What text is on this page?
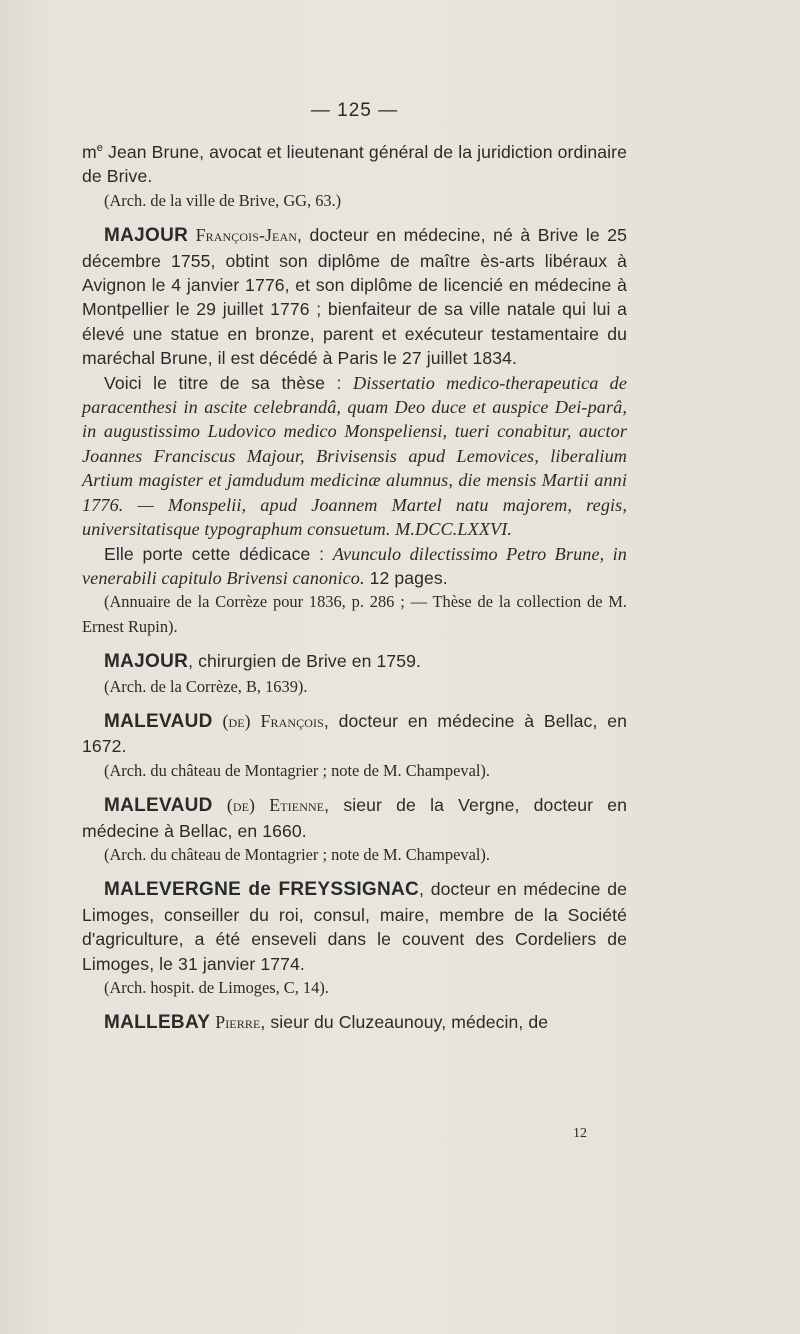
— 125 —

$m^e$ Jean Brune, avocat et lieutenant général de la juridiction ordinaire de Brive.

(Arch. de la ville de Brive, GG, 63.)

MAJOUR François-Jean, docteur en médecine, né à Brive le 25 décembre 1755, obtint son diplôme de maître ès-arts libéraux à Avignon le 4 janvier 1776, et son diplôme de licencié en médecine à Montpellier le 29 juillet 1776 ; bienfaiteur de sa ville natale qui lui a élevé une statue en bronze, parent et exécuteur testamentaire du maréchal Brune, il est décédé à Paris le 27 juillet 1834.

Voici le titre de sa thèse : Dissertatio medico-therapeutica de paracenthesi in ascite celebrandâ, quam Deo duce et auspice Dei-parâ, in augustissimo Ludovico medico Monspeliensi, tueri conabitur, auctor Joannes Franciscus Majour, Brivisensis apud Lemovices, liberalium Artium magister et jamdudum medicinæ alumnus, die mensis Martii anni 1776. — Monspelii, apud Joannem Martel natu majorem, regis, universitatisque typographum consuetum. M.DCC.LXXVI.

Elle porte cette dédicace : Avunculo dilectissimo Petro Brune, in venerabili capitulo Brivensi canonico. 12 pages.

(Annuaire de la Corrèze pour 1836, p. 286 ; — Thèse de la collection de M. Ernest Rupin).

MAJOUR, chirurgien de Brive en 1759.

(Arch. de la Corrèze, B, 1639).

MALEVAUD (de) François, docteur en médecine à Bellac, en 1672.

(Arch. du château de Montagrier ; note de M. Champeval).

MALEVAUD (de) Etienne, sieur de la Vergne, docteur en médecine à Bellac, en 1660.

(Arch. du château de Montagrier ; note de M. Champeval).

MALEVERGNE de FREYSSIGNAC, docteur en médecine de Limoges, conseiller du roi, consul, maire, membre de la Société d'agriculture, a été enseveli dans le couvent des Cordeliers de Limoges, le 31 janvier 1774.

(Arch. hospit. de Limoges, C, 14).

MALLEBAY Pierre, sieur du Cluzeaunouy, médecin, de

12
